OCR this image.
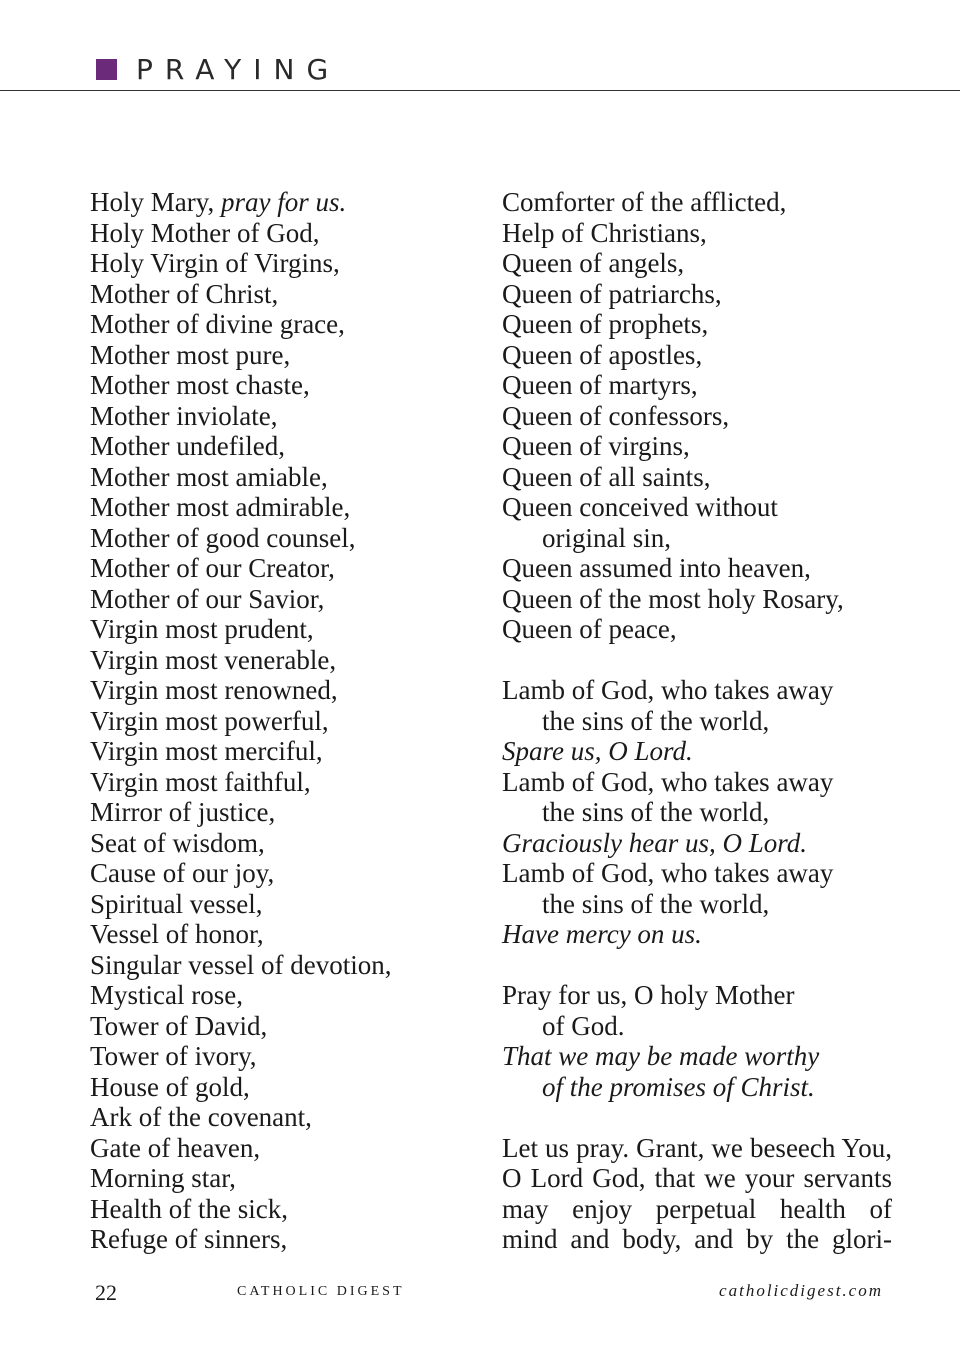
PRAYING
Holy Mary, pray for us.
Holy Mother of God,
Holy Virgin of Virgins,
Mother of Christ,
Mother of divine grace,
Mother most pure,
Mother most chaste,
Mother inviolate,
Mother undefiled,
Mother most amiable,
Mother most admirable,
Mother of good counsel,
Mother of our Creator,
Mother of our Savior,
Virgin most prudent,
Virgin most venerable,
Virgin most renowned,
Virgin most powerful,
Virgin most merciful,
Virgin most faithful,
Mirror of justice,
Seat of wisdom,
Cause of our joy,
Spiritual vessel,
Vessel of honor,
Singular vessel of devotion,
Mystical rose,
Tower of David,
Tower of ivory,
House of gold,
Ark of the covenant,
Gate of heaven,
Morning star,
Health of the sick,
Refuge of sinners,
Comforter of the afflicted,
Help of Christians,
Queen of angels,
Queen of patriarchs,
Queen of prophets,
Queen of apostles,
Queen of martyrs,
Queen of confessors,
Queen of virgins,
Queen of all saints,
Queen conceived without
original sin,
Queen assumed into heaven,
Queen of the most holy Rosary,
Queen of peace,
Lamb of God, who takes away
the sins of the world,
Spare us, O Lord.
Lamb of God, who takes away
the sins of the world,
Graciously hear us, O Lord.
Lamb of God, who takes away
the sins of the world,
Have mercy on us.
Pray for us, O holy Mother
of God.
That we may be made worthy
of the promises of Christ.
Let us pray. Grant, we beseech You,
O Lord God, that we your servants
may enjoy perpetual health of
mind and body, and by the glori-
22	CATHOLIC DIGEST	catholicdigest.com
